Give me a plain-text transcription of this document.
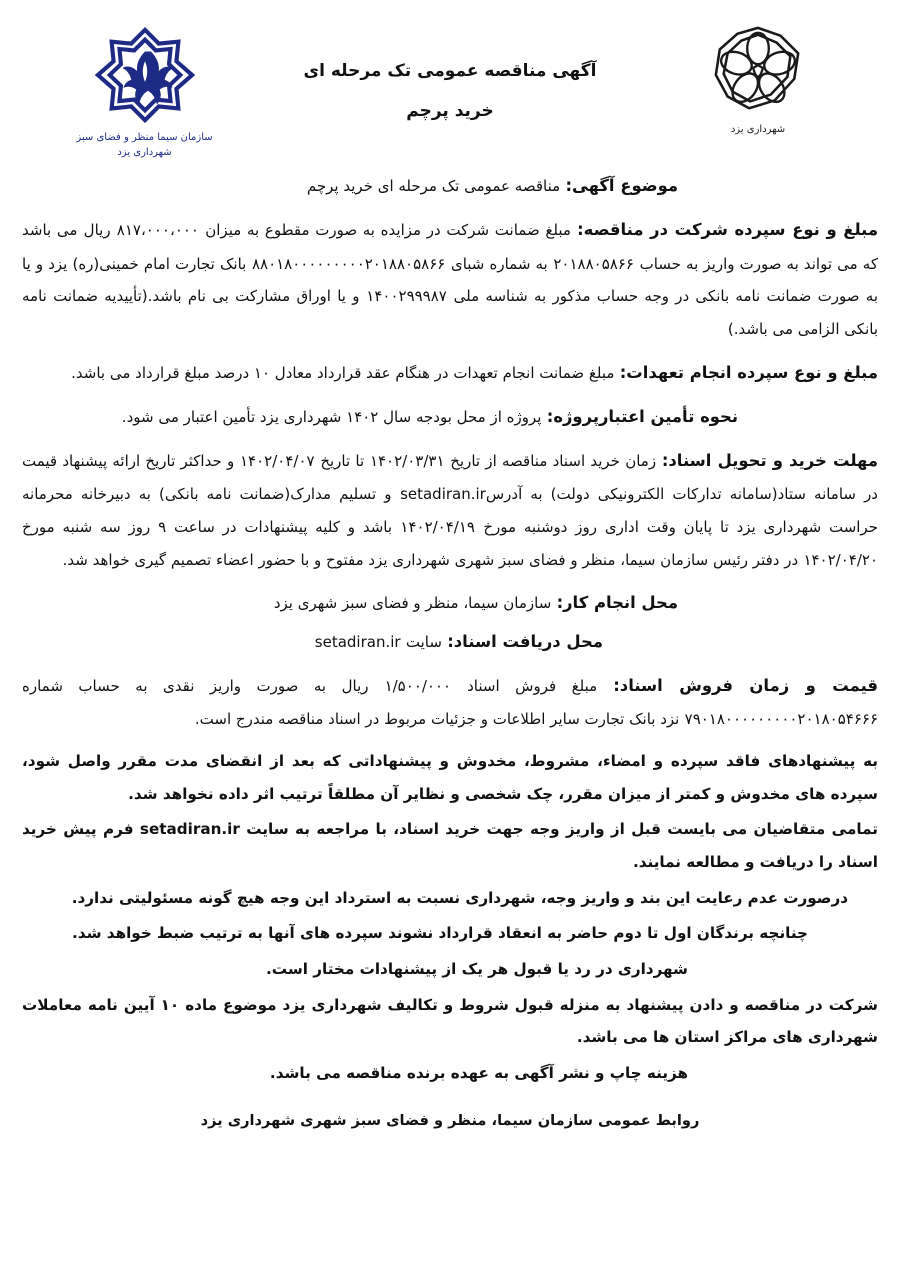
سازمان سیما منظر و فضای سبز
شهرداری یزد
شهرداری یزد
آگهی مناقصه عمومی تک مرحله ای
خرید پرچم

موضوع آگهی: مناقصه عمومی تک مرحله ای خرید پرچم

مبلغ و نوع سپرده شرکت در مناقصه: مبلغ ضمانت شرکت در مزایده به صورت مقطوع به میزان ۸۱۷،۰۰۰،۰۰۰ ریال می باشد که می تواند به صورت واریز به حساب ۲۰۱۸۸۰۵۸۶۶ به شماره شبای ۸۸۰۱۸۰۰۰۰۰۰۰۰۰۲۰۱۸۸۰۵۸۶۶ بانک تجارت امام خمینی(ره) یزد و یا به صورت ضمانت نامه بانکی در وجه حساب مذکور به شناسه ملی ۱۴۰۰۲۹۹۹۸۷ و یا اوراق مشارکت بی نام باشد.(تأییدیه ضمانت نامه بانکی الزامی می باشد.)

مبلغ و نوع سپرده انجام تعهدات: مبلغ ضمانت انجام تعهدات در هنگام عقد قرارداد معادل ۱۰ درصد مبلغ قرارداد می باشد.

نحوه تأمین اعتبارپروژه: پروژه از محل بودجه سال ۱۴۰۲ شهرداری یزد تأمین اعتبار می شود.

مهلت خرید و تحویل اسناد: زمان خرید اسناد مناقصه از تاریخ ۱۴۰۲/۰۳/۳۱ تا تاریخ ۱۴۰۲/۰۴/۰۷ و حداکثر تاریخ ارائه پیشنهاد قیمت در سامانه ستاد(سامانه تدارکات الکترونیکی دولت) به آدرسsetadiran.ir و تسلیم مدارک(ضمانت نامه بانکی) به دبیرخانه محرمانه حراست شهرداری یزد تا پایان وقت اداری روز دوشنبه مورخ ۱۴۰۲/۰۴/۱۹ باشد و کلیه پیشنهادات در ساعت ۹ روز سه شنبه مورخ ۱۴۰۲/۰۴/۲۰ در دفتر رئیس سازمان سیما، منظر و فضای سبز شهری شهرداری یزد مفتوح و با حضور اعضاء تصمیم گیری خواهد شد.

محل انجام کار: سازمان سیما، منظر و فضای سبز شهری یزد

محل دریافت اسناد: سایت setadiran.ir

قیمت و زمان فروش اسناد: مبلغ فروش اسناد ۱/۵۰۰/۰۰۰ ریال به صورت واریز نقدی به حساب شماره ۷۹۰۱۸۰۰۰۰۰۰۰۰۰۲۰۱۸۰۵۴۶۶۶ نزد بانک تجارت سایر اطلاعات و جزئیات مربوط در اسناد مناقصه مندرج است.

به پیشنهادهای فاقد سپرده و امضاء، مشروط، مخدوش و پیشنهاداتی که بعد از انقضای مدت مقرر واصل شود، سپرده های مخدوش و کمتر از میزان مقرر، چک شخصی و نظایر آن مطلقاً ترتیب اثر داده نخواهد شد.

تمامی متقاضیان می بایست قبل از واریز وجه جهت خرید اسناد، با مراجعه به سایت setadiran.ir فرم پیش خرید اسناد را دریافت و مطالعه نمایند.

درصورت عدم رعایت این بند و واریز وجه، شهرداری نسبت به استرداد این وجه هیچ گونه مسئولیتی ندارد.

چنانچه برندگان اول تا دوم حاضر به انعقاد قرارداد نشوند سپرده های آنها به ترتیب ضبط خواهد شد.

شهرداری در رد یا قبول هر یک از پیشنهادات مختار است.

شرکت در مناقصه و دادن پیشنهاد به منزله قبول شروط و تکالیف شهرداری یزد موضوع ماده ۱۰ آیین نامه معاملات شهرداری های مراکز استان ها می باشد.

هزینه چاپ و نشر آگهی به عهده برنده مناقصه می باشد.

روابط عمومی سازمان سیما، منظر و فضای سبز شهری شهرداری یزد
